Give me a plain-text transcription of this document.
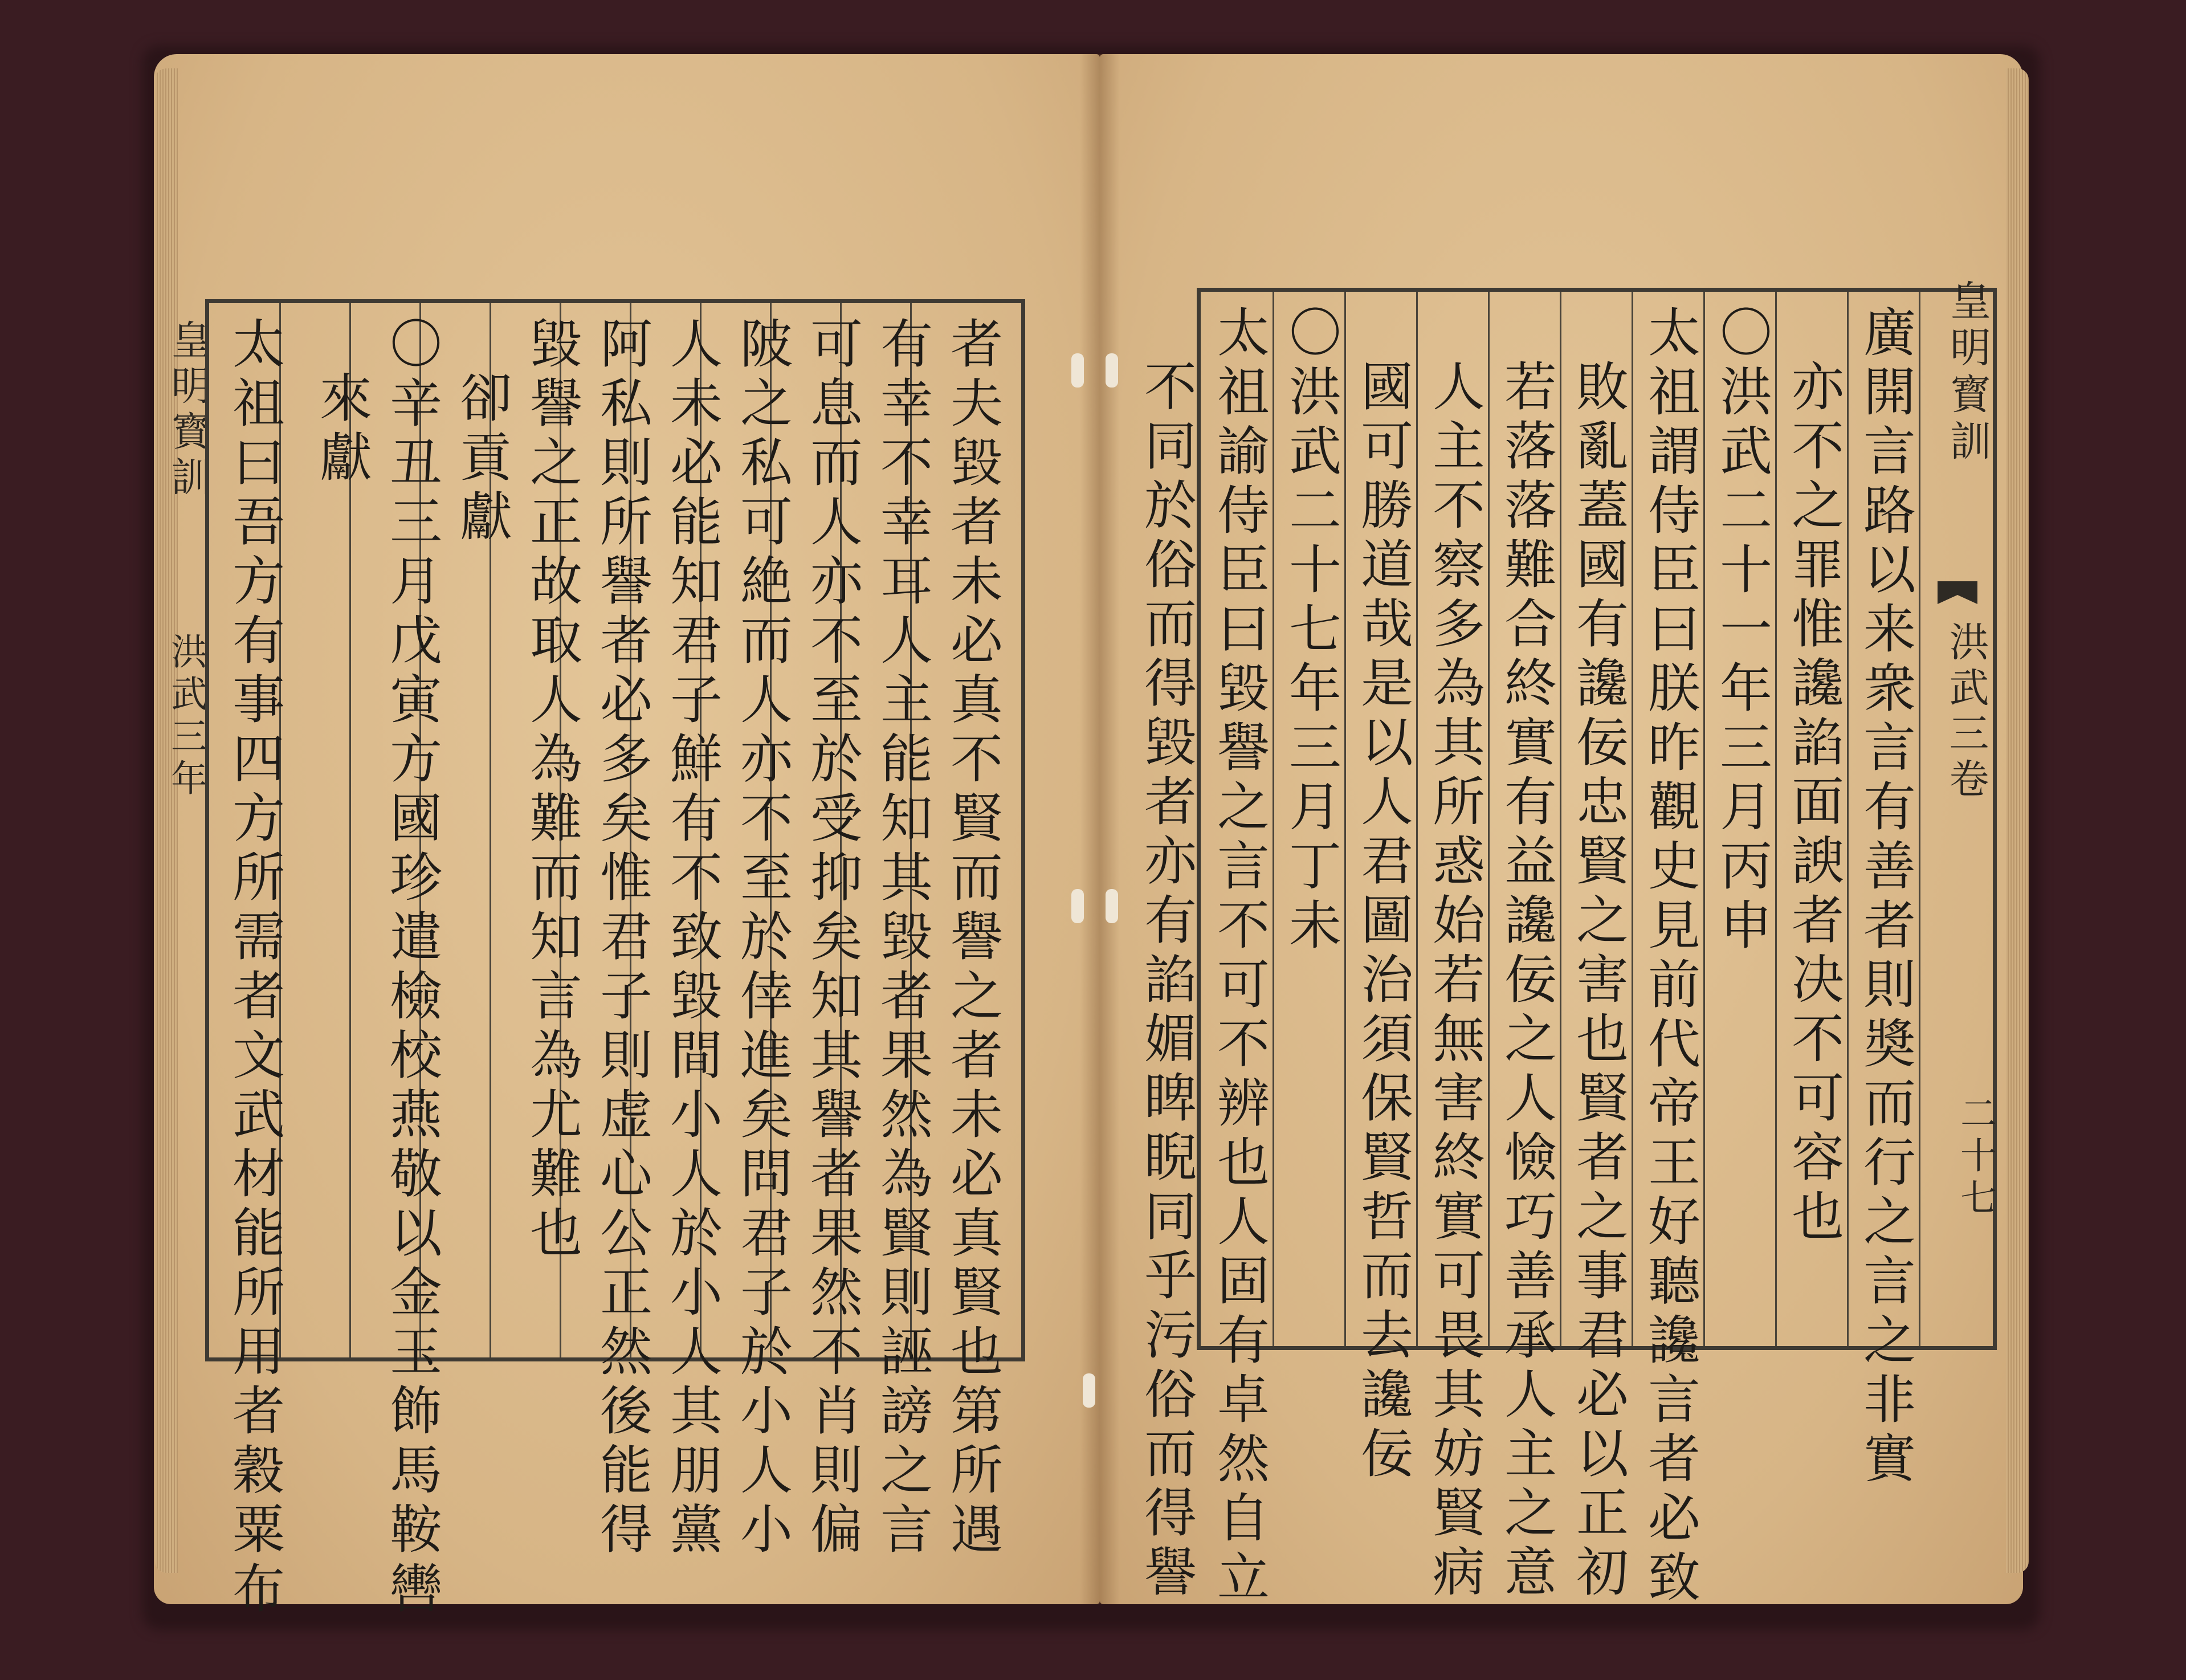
皇明寳訓
洪武三年	者夫毀者未必真不賢而譽之者未必真賢也第所遇
有幸不幸耳人主能知其毀者果然為賢則誣謗之言
可息而人亦不至於受抑矣知其譽者果然不肖則偏
陂之私可絶而人亦不至於倖進矣問君子於小人小
人未必能知君子鮮有不致毀間小人於小人其朋黨
阿私則所譽者必多矣惟君子則虚心公正然後能得
毀譽之正故取人為難而知言為尤難也
卻貢獻
〇辛丑三月戊寅方國珍遣檢校燕敬以金玉飾馬鞍轡
來獻
太祖曰吾方有事四方所需者文武材能所用者穀粟布	皇明寳訓
洪武三卷
二十七
廣開言路以来衆言有善者則奬而行之言之非實
亦不之罪惟讒諂面諛者决不可容也
〇洪武二十一年三月丙申
太祖謂侍臣曰朕昨觀史見前代帝王好聽讒言者必致
敗亂蓋國有讒佞忠賢之害也賢者之事君必以正初
若落落難合終實有益讒佞之人憸巧善承人主之意
人主不察多為其所惑始若無害終實可畏其妨賢病
國可勝道哉是以人君圖治須保賢哲而去讒佞
〇洪武二十七年三月丁未
太祖諭侍臣曰毀譽之言不可不辨也人固有卓然自立
不同於俗而得毀者亦有諂媚睥睨同乎污俗而得譽
